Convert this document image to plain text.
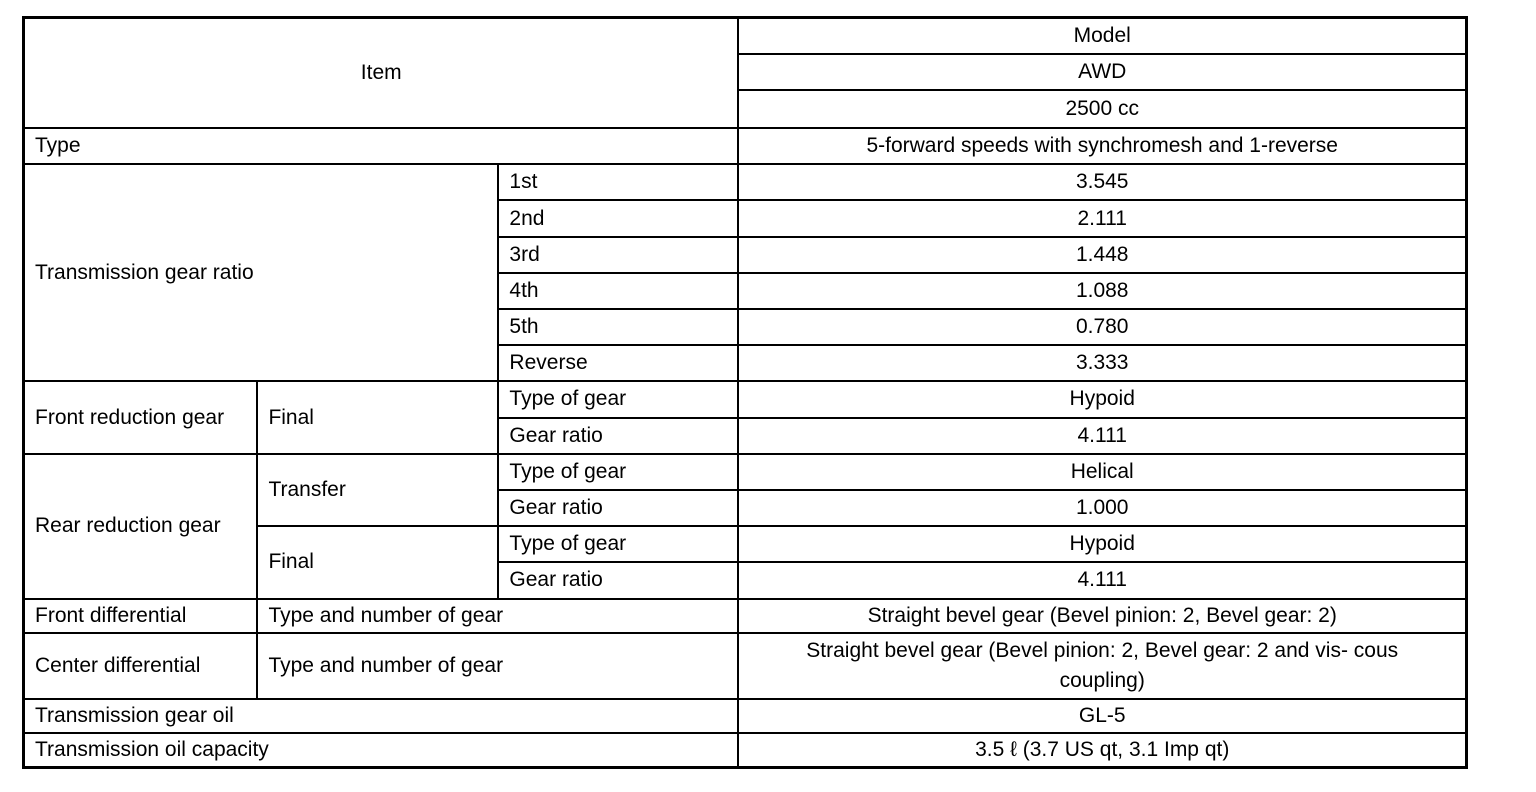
Item			Model
			AWD
			2500 cc
Type			5-forward speeds with synchromesh and 1-reverse
Transmission gear ratio		1st	3.545
		2nd	2.111
		3rd	1.448
		4th	1.088
		5th	0.780
		Reverse	3.333
Front reduction gear	Final	Type of gear	Hypoid
		Gear ratio	4.111
Rear reduction gear	Transfer	Type of gear	Helical
		Gear ratio	1.000
	Final	Type of gear	Hypoid
		Gear ratio	4.111
Front differential	Type and number of gear		Straight bevel gear (Bevel pinion: 2, Bevel gear: 2)
Center differential	Type and number of gear		Straight bevel gear (Bevel pinion: 2, Bevel gear: 2 and vis- cous coupling)
Transmission gear oil			GL-5
Transmission oil capacity			3.5 ℓ (3.7 US qt, 3.1 Imp qt)
